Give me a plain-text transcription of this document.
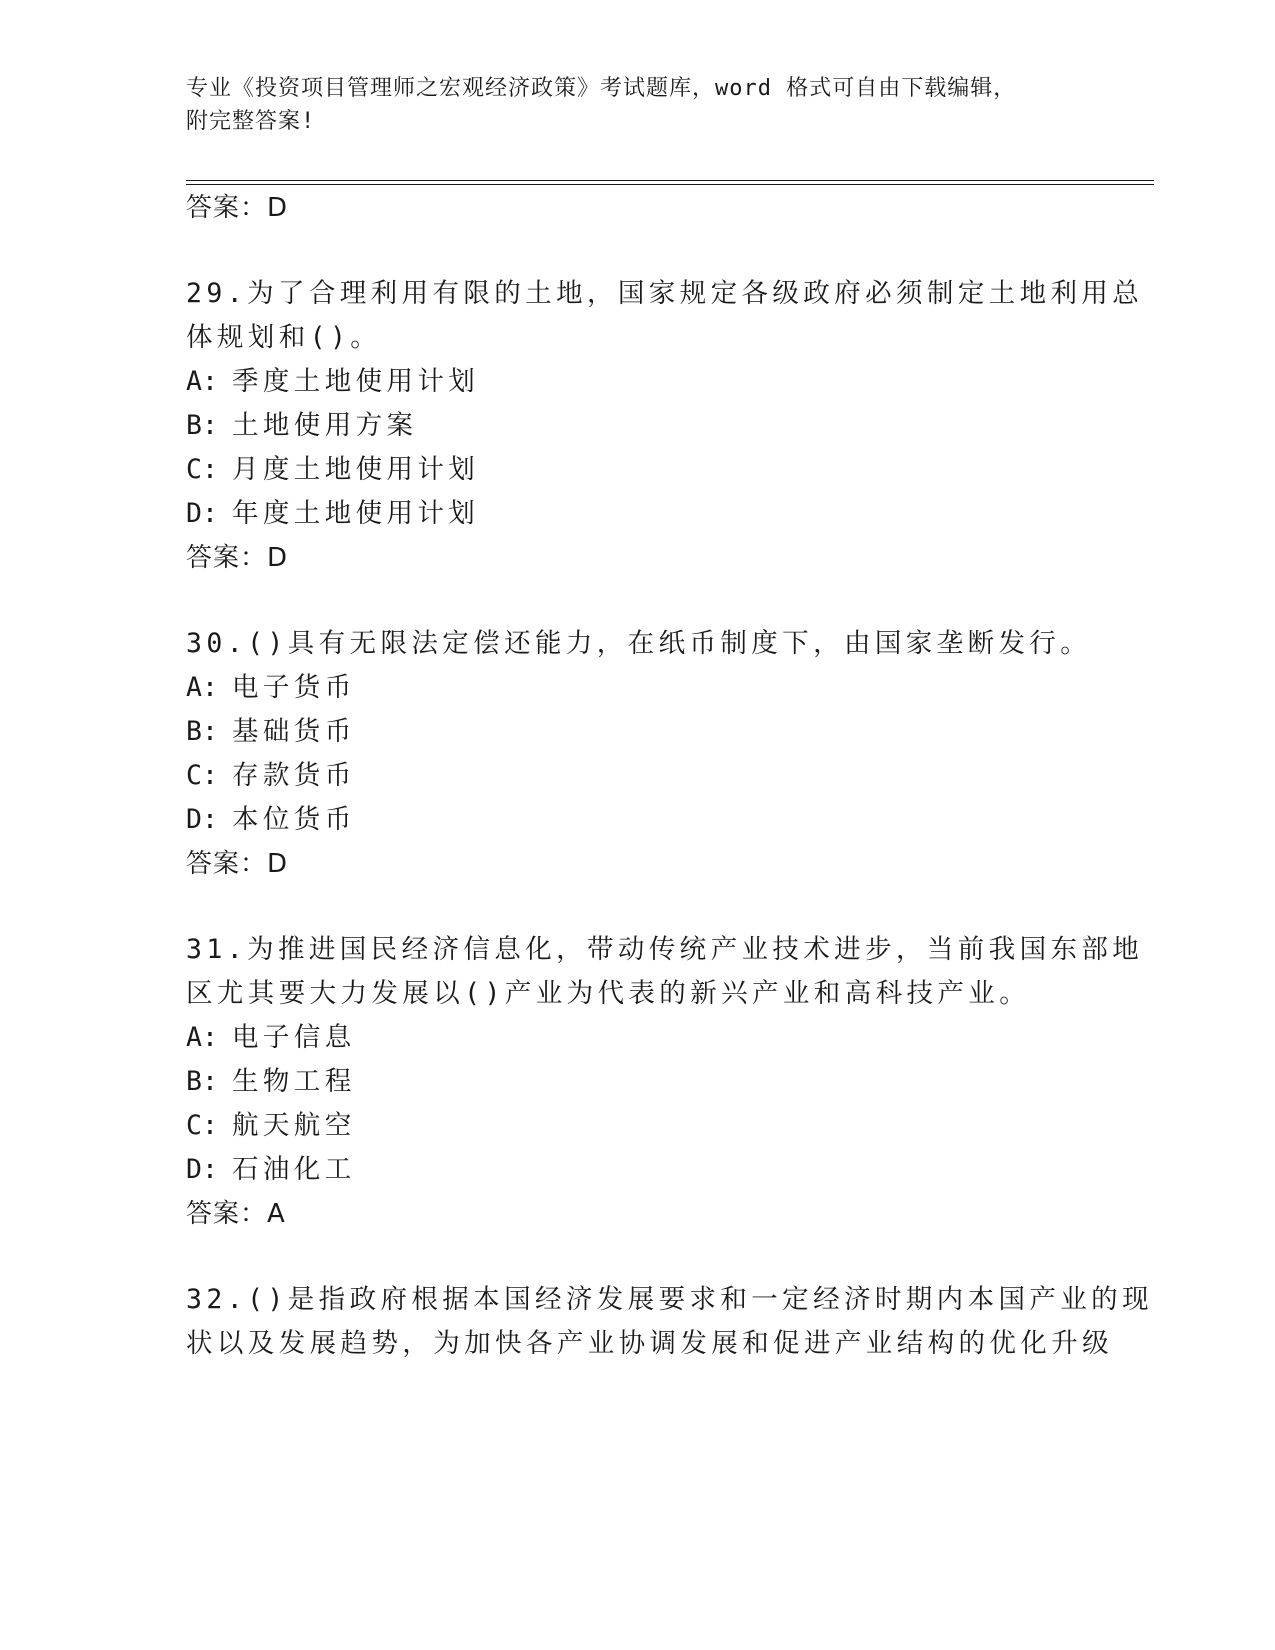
专业《投资项目管理师之宏观经济政策》考试题库，word 格式可自由下载编辑，
附完整答案!
答案：D
29.为了合理利用有限的土地，国家规定各级政府必须制定土地利用总
体规划和()。
A: 季度土地使用计划
B: 土地使用方案
C: 月度土地使用计划
D: 年度土地使用计划
答案：D
30.()具有无限法定偿还能力，在纸币制度下，由国家垄断发行。
A: 电子货币
B: 基础货币
C: 存款货币
D: 本位货币
答案：D
31.为推进国民经济信息化，带动传统产业技术进步，当前我国东部地
区尤其要大力发展以()产业为代表的新兴产业和高科技产业。
A: 电子信息
B: 生物工程
C: 航天航空
D: 石油化工
答案：A
32.()是指政府根据本国经济发展要求和一定经济时期内本国产业的现
状以及发展趋势，为加快各产业协调发展和促进产业结构的优化升级
